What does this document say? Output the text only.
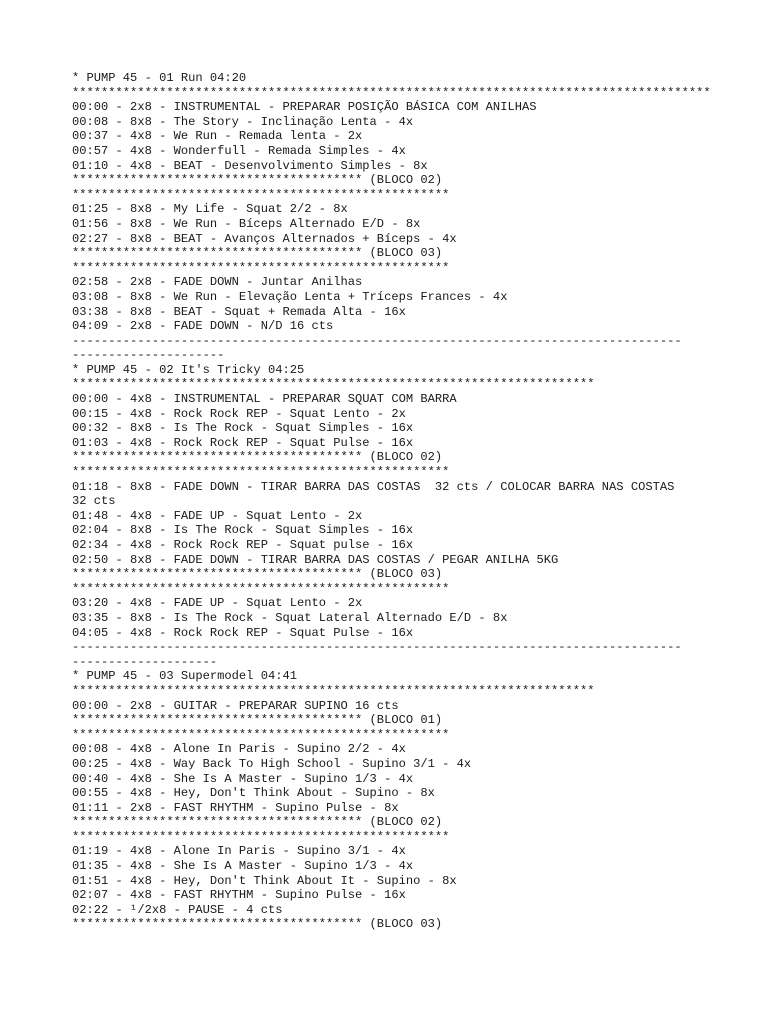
* PUMP 45 - 01 Run 04:20
****************************************************************************************
00:00 - 2x8 - INSTRUMENTAL - PREPARAR POSIÇÃO BÁSICA COM ANILHAS
00:08 - 8x8 - The Story - Inclinação Lenta - 4x
00:37 - 4x8 - We Run - Remada lenta - 2x
00:57 - 4x8 - Wonderfull - Remada Simples - 4x
01:10 - 4x8 - BEAT - Desenvolvimento Simples - 8x
**************************************** (BLOCO 02)
****************************************************
01:25 - 8x8 - My Life - Squat 2/2 - 8x
01:56 - 8x8 - We Run - Bíceps Alternado E/D - 8x
02:27 - 8x8 - BEAT - Avanços Alternados + Bíceps - 4x
**************************************** (BLOCO 03)
****************************************************
02:58 - 2x8 - FADE DOWN - Juntar Anilhas
03:08 - 8x8 - We Run - Elevação Lenta + Tríceps Frances - 4x
03:38 - 8x8 - BEAT - Squat + Remada Alta - 16x
04:09 - 2x8 - FADE DOWN - N/D 16 cts
------------------------------------------------------------------------------------
---------------------
* PUMP 45 - 02 It's Tricky 04:25
************************************************************************
00:00 - 4x8 - INSTRUMENTAL - PREPARAR SQUAT COM BARRA
00:15 - 4x8 - Rock Rock REP - Squat Lento - 2x
00:32 - 8x8 - Is The Rock - Squat Simples - 16x
01:03 - 4x8 - Rock Rock REP - Squat Pulse - 16x
**************************************** (BLOCO 02)
****************************************************
01:18 - 8x8 - FADE DOWN - TIRAR BARRA DAS COSTAS  32 cts / COLOCAR BARRA NAS COSTAS
32 cts
01:48 - 4x8 - FADE UP - Squat Lento - 2x
02:04 - 8x8 - Is The Rock - Squat Simples - 16x
02:34 - 4x8 - Rock Rock REP - Squat pulse - 16x
02:50 - 8x8 - FADE DOWN - TIRAR BARRA DAS COSTAS / PEGAR ANILHA 5KG
**************************************** (BLOCO 03)
****************************************************
03:20 - 4x8 - FADE UP - Squat Lento - 2x
03:35 - 8x8 - Is The Rock - Squat Lateral Alternado E/D - 8x
04:05 - 4x8 - Rock Rock REP - Squat Pulse - 16x
------------------------------------------------------------------------------------
--------------------
* PUMP 45 - 03 Supermodel 04:41
************************************************************************
00:00 - 2x8 - GUITAR - PREPARAR SUPINO 16 cts
**************************************** (BLOCO 01)
****************************************************
00:08 - 4x8 - Alone In Paris - Supino 2/2 - 4x
00:25 - 4x8 - Way Back To High School - Supino 3/1 - 4x
00:40 - 4x8 - She Is A Master - Supino 1/3 - 4x
00:55 - 4x8 - Hey, Don't Think About - Supino - 8x
01:11 - 2x8 - FAST RHYTHM - Supino Pulse - 8x
**************************************** (BLOCO 02)
****************************************************
01:19 - 4x8 - Alone In Paris - Supino 3/1 - 4x
01:35 - 4x8 - She Is A Master - Supino 1/3 - 4x
01:51 - 4x8 - Hey, Don't Think About It - Supino - 8x
02:07 - 4x8 - FAST RHYTHM - Supino Pulse - 16x
02:22 - ¹/2x8 - PAUSE - 4 cts
**************************************** (BLOCO 03)
